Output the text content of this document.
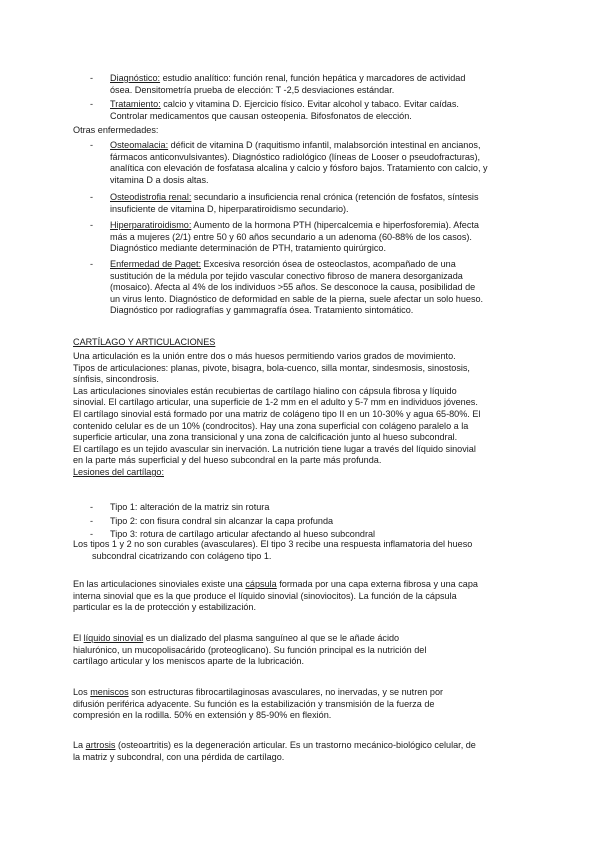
-	Diagnóstico: estudio analítico: función renal, función hepática y marcadores de actividad

ósea. Densitometría prueba de elección: T -2,5 desviaciones estándar.

-	Tratamiento: calcio y vitamina D. Ejercicio físico. Evitar alcohol y tabaco. Evitar caídas.

Controlar medicamentos que causan osteopenia. Bifosfonatos de elección.

Otras enfermedades:

-	Osteomalacia: déficit de vitamina D (raquitismo infantil, malabsorción intestinal en ancianos,

fármacos anticonvulsivantes). Diagnóstico radiológico (líneas de Looser o pseudofracturas),

analítica con elevación de fosfatasa alcalina y calcio y fósforo bajos. Tratamiento con calcio, y

vitamina D a dosis altas.

-	Osteodistrofia renal: secundario a insuficiencia renal crónica (retención de fosfatos, síntesis

insuficiente de vitamina D, hiperparatiroidismo secundario).

-	Hiperparatiroidismo: Aumento de la hormona PTH (hipercalcemia e hiperfosforemia). Afecta

más a mujeres (2/1) entre 50 y 60 años secundario a un adenoma (60-88% de los casos).

Diagnóstico mediante determinación de PTH, tratamiento quirúrgico.

-	Enfermedad de Paget: Excesiva resorción ósea de osteoclastos, acompañado de una

sustitución de la médula por tejido vascular conectivo fibroso de manera desorganizada

(mosaico). Afecta al 4% de los individuos >55 años. Se desconoce la causa, posibilidad de

un virus lento. Diagnóstico de deformidad en sable de la pierna, suele afectar un solo hueso.

Diagnóstico por radiografías y gammagrafía ósea. Tratamiento sintomático.

CARTÍLAGO Y ARTICULACIONES

Una articulación es la unión entre dos o más huesos permitiendo varios grados de movimiento.

Tipos de articulaciones: planas, pivote, bisagra, bola-cuenco, silla montar, sindesmosis, sinostosis,

sínfisis, sincondrosis.

Las articulaciones sinoviales están recubiertas de cartílago hialino con cápsula fibrosa y líquido

sinovial. El cartílago articular, una superficie de 1-2 mm en el adulto y 5-7 mm en individuos jóvenes.

El cartílago sinovial está formado por una matriz de colágeno tipo II en un 10-30% y agua 65-80%. El

contenido celular es de un 10% (condrocitos). Hay una zona superficial con colágeno paralelo a la

superficie articular, una zona transicional y una zona de calcificación junto al hueso subcondral.

El cartílago es un tejido avascular sin inervación. La nutrición tiene lugar a través del líquido sinovial

en la parte más superficial y del hueso subcondral en la parte más profunda.

Lesiones del cartílago:

-	Tipo 1: alteración de la matriz sin rotura
-	Tipo 2: con fisura condral sin alcanzar la capa profunda
-	Tipo 3: rotura de cartílago articular afectando al hueso subcondral

Los tipos 1 y 2 no son curables (avasculares). El tipo 3 recibe una respuesta inflamatoria del hueso

subcondral cicatrizando con colágeno tipo 1.

En las articulaciones sinoviales existe una cápsula formada por una capa externa fibrosa y una capa

interna sinovial que es la que produce el líquido sinovial (sinoviocitos). La función de la cápsula

particular es la de protección y estabilización.

El líquido sinovial es un dializado del plasma sanguíneo al que se le añade ácido

hialurónico, un mucopolisacárido (proteoglicano). Su función principal es la nutrición del

cartílago articular y los meniscos aparte de la lubricación.

Los meniscos son estructuras fibrocartilaginosas avasculares, no inervadas, y se nutren por

difusión periférica adyacente. Su función es la estabilización y transmisión de la fuerza de

compresión en la rodilla. 50% en extensión y 85-90% en flexión.

La artrosis (osteoartritis) es la degeneración articular. Es un trastorno mecánico-biológico celular, de

la matriz y subcondral, con una pérdida de cartílago.
